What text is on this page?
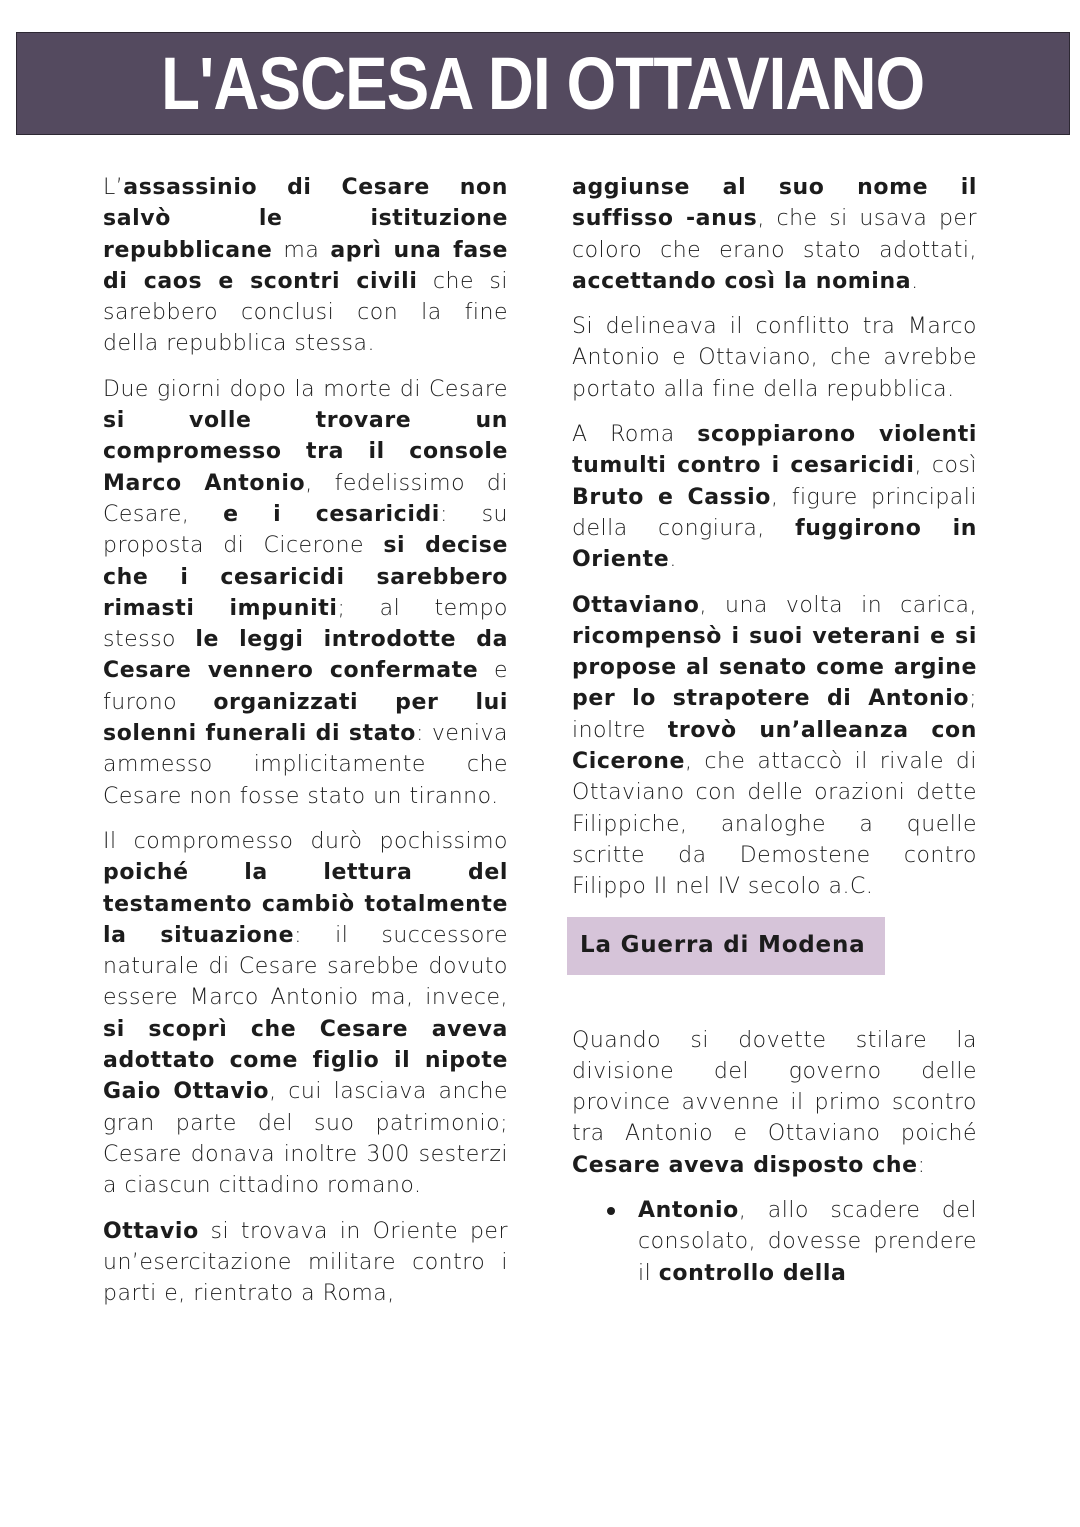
L'ASCESA DI OTTAVIANO

L’assassinio di Cesare non salvò le istituzione repubblicane ma aprì una fase di caos e scontri civili che si sarebbero conclusi con la fine della repubblica stessa.

Due giorni dopo la morte di Cesare si volle trovare un compromesso tra il console Marco Antonio, fedelissimo di Cesare, e i cesaricidi: su proposta di Cicerone si decise che i cesaricidi sarebbero rimasti impuniti; al tempo stesso le leggi introdotte da Cesare vennero confermate e furono organizzati per lui solenni funerali di stato: veniva ammesso implicitamente che Cesare non fosse stato un tiranno.

Il compromesso durò pochissimo poiché la lettura del testamento cambiò totalmente la situazione: il successore naturale di Cesare sarebbe dovuto essere Marco Antonio ma, invece, si scoprì che Cesare aveva adottato come figlio il nipote Gaio Ottavio, cui lasciava anche gran parte del suo patrimonio; Cesare donava inoltre 300 sesterzi a ciascun cittadino romano.

Ottavio si trovava in Oriente per un’esercitazione militare contro i parti e, rientrato a Roma,

aggiunse al suo nome il suffisso -anus, che si usava per coloro che erano stato adottati, accettando così la nomina.

Si delineava il conflitto tra Marco Antonio e Ottaviano, che avrebbe portato alla fine della repubblica.

A Roma scoppiarono violenti tumulti contro i cesaricidi, così Bruto e Cassio, figure principali della congiura, fuggirono in Oriente.

Ottaviano, una volta in carica, ricompensò i suoi veterani e si propose al senato come argine per lo strapotere di Antonio; inoltre trovò un’alleanza con Cicerone, che attaccò il rivale di Ottaviano con delle orazioni dette Filippiche, analoghe a quelle scritte da Demostene contro Filippo II nel IV secolo a.C.

La Guerra di Modena

Quando si dovette stilare la divisione del governo delle province avvenne il primo scontro tra Antonio e Ottaviano poiché Cesare aveva disposto che:

Antonio, allo scadere del consolato, dovesse prendere il controllo della
